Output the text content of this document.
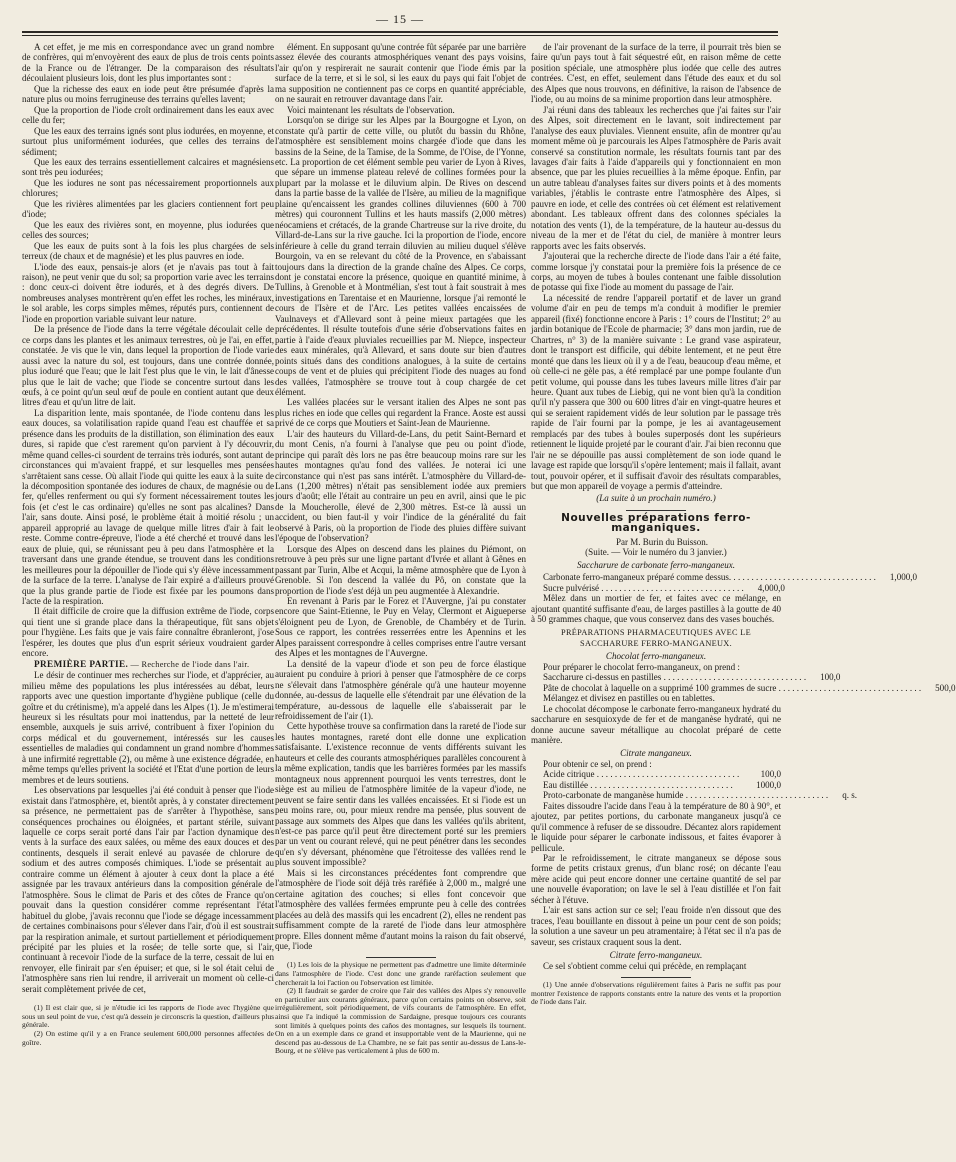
— 15 —

A cet effet, je me mis en correspondance avec un grand nombre de confrères, qui m'envoyèrent des eaux de plus de trois cents points de la France ou de l'étranger. De la comparaison des résultats découlaient plusieurs lois, dont les plus importantes sont :

Que la richesse des eaux en iode peut être présumée d'après la nature plus ou moins ferrugineuse des terrains qu'elles lavent;

Que la proportion de l'iode croît ordinairement dans les eaux avec celle du fer;

Que les eaux des terrains ignés sont plus iodurées, en moyenne, et surtout plus uniformément iodurées, que celles des terrains de sédiment;

Que les eaux des terrains essentiellement calcaires et magnésiens sont très peu iodurées;

Que les iodures ne sont pas nécessairement proportionnels aux chlorures;

Que les rivières alimentées par les glaciers contiennent fort peu d'iode;

Que les eaux des rivières sont, en moyenne, plus iodurées que celles des sources;

Que les eaux de puits sont à la fois les plus chargées de sels terreux (de chaux et de magnésie) et les plus pauvres en iode.

L'iode des eaux, pensais-je alors (et je n'avais pas tout à fait raison), ne peut venir que du sol; sa proportion varie avec les terrains : donc ceux-ci doivent être iodurés, et à des degrés divers. De nombreuses analyses montrèrent qu'en effet les roches, les minéraux, le sol arable, les corps simples mêmes, réputés purs, contiennent de l'iode en proportion variable suivant leur nature.

De la présence de l'iode dans la terre végétale découlait celle de ce corps dans les plantes et les animaux terrestres, où je l'ai, en effet, constatée. Je vis que le vin, dans lequel la proportion de l'iode varie aussi avec la nature du sol, est toujours, dans une contrée donnée, plus ioduré que l'eau; que le lait l'est plus que le vin, le lait d'ânesse plus que le lait de vache; que l'iode se concentre surtout dans les œufs, à ce point qu'un seul œuf de poule en contient autant que deux litres d'eau et qu'un litre de lait.

La disparition lente, mais spontanée, de l'iode contenu dans les eaux douces, sa volatilisation rapide quand l'eau est chauffée et sa présence dans les produits de la distillation, son élimination des eaux dures, si rapide que c'est rarement qu'on parvient à l'y découvrir, même quand celles-ci sourdent de terrains très iodurés, sont autant de circonstances qui m'avaient frappé, et sur lesquelles mes pensées s'arrêtaient sans cesse. Où allait l'iode qui quitte les eaux à la suite de la décomposition spontanée des iodures de chaux, de magnésie ou de fer, qu'elles renferment ou qui s'y forment nécessairement toutes les fois (et c'est le cas ordinaire) qu'elles ne sont pas alcalines? Dans l'air, sans doute. Ainsi posé, le problème était à moitié résolu ; un appareil approprié au lavage de quelque mille litres d'air à fait le reste. Comme contre-épreuve, l'iode a été cherché et trouvé dans les eaux de pluie, qui, se réunissant peu à peu dans l'atmosphère et la traversant dans une grande étendue, se trouvent dans les conditions les meilleures pour la dépouiller de l'iode qui s'y élève incessamment de la surface de la terre. L'analyse de l'air expiré a d'ailleurs prouvé que la plus grande partie de l'iode est fixée par les poumons dans l'acte de la respiration.

Il était difficile de croire que la diffusion extrême de l'iode, corps qui tient une si grande place dans la thérapeutique, fût sans objet pour l'hygiène. Les faits que je vais faire connaître ébranleront, j'ose l'espérer, les doutes que plus d'un esprit sérieux voudraient garder encore.

PREMIÈRE PARTIE. — Recherche de l'iode dans l'air.

Le désir de continuer mes recherches sur l'iode, et d'apprécier, au milieu même des populations les plus intéressées au débat, leurs rapports avec une question importante d'hygiène publique (celle du goître et du crétinisme), m'a appelé dans les Alpes (1). Je m'estimerai heureux si les résultats pour moi inattendus, par la netteté de leur ensemble, auxquels je suis arrivé, contribuent à fixer l'opinion du corps médical et du gouvernement, intéressés sur les causes essentielles de maladies qui condamnent un grand nombre d'hommes à une infirmité regrettable (2), ou même à une existence dégradée, en même temps qu'elles privent la société et l'Etat d'une portion de leurs membres et de leurs soutiens.

Les observations par lesquelles j'ai été conduit à penser que l'iode existait dans l'atmosphère, et, bientôt après, à y constater directement sa présence, ne permettaient pas de s'arrêter à l'hypothèse, sans conséquences prochaines ou éloignées, et partant stérile, suivant laquelle ce corps serait porté dans l'air par l'action dynamique des vents à la surface des eaux salées, ou même des eaux douces et des continents, desquels il serait enlevé au pavasée de chlorure de sodium et des autres composés chimiques. L'iode se présentait au contraire comme un élément à ajouter à ceux dont la place a été assignée par les travaux antérieurs dans la composition générale de l'atmosphère. Sous le climat de Paris et des côtes de France qu'on pouvait dans la question considérer comme représentant l'état habituel du globe, j'avais reconnu que l'iode se dégage incessamment de certaines combinaisons pour s'élever dans l'air, d'où il est soustrait par la respiration animale, et surtout partiellement et périodiquement précipité par les pluies et la rosée; de telle sorte que, si l'air, continuant à recevoir l'iode de la surface de la terre, cessait de lui en renvoyer, elle finirait par s'en épuiser; et que, si le sol était celui de l'atmosphère sans rien lui rendre, il arriverait un moment où celle-ci serait complètement privée de cet,

(1) Il est clair que, si je n'étudie ici les rapports de l'iode avec l'hygiène que sous un seul point de vue, c'est qu'à dessein je circonscris la question, d'ailleurs plus générale.

(2) On estime qu'il y a en France seulement 600,000 personnes affectées de goître.

élément. En supposant qu'une contrée fût séparée par une barrière assez élevée des courants atmosphériques venant des pays voisins, l'air qu'on y respirerait ne saurait contenir que l'iode émis par la surface de la terre, et si le sol, si les eaux du pays qui fait l'objet de ma supposition ne contiennent pas ce corps en quantité appréciable, on ne saurait en retrouver davantage dans l'air.

Voici maintenant les résultats de l'observation.

Lorsqu'on se dirige sur les Alpes par la Bourgogne et Lyon, on constate qu'à partir de cette ville, ou plutôt du bassin du Rhône, l'atmosphère est sensiblement moins chargée d'iode que dans les bassins de la Seine, de la Tamise, de la Somme, de l'Oise, de l'Yonne, etc. La proportion de cet élément semble peu varier de Lyon à Rives, que sépare un immense plateau relevé de collines formées pour la plupart par la molasse et le diluvium alpin. De Rives on descend dans la partie basse de la vallée de l'Isère, au milieu de la magnifique plaine qu'encaissent les grandes collines diluviennes (600 à 700 mètres) qui couronnent Tullins et les hauts massifs (2,000 mètres) néocamiens et crétacés, de la grande Chartreuse sur la rive droite, du Villard-de-Lans sur la rive gauche. Ici la proportion de l'iode, encore inférieure à celle du grand terrain diluvien au milieu duquel s'élève Bourgoin, va en se relevant du côté de la Provence, en s'abaissant toujours dans la direction de la grande chaîne des Alpes. Ce corps, dont je constatai encore la présence, quoique en quantité minime, à Tullins, à Grenoble et à Montmélian, s'est tout à fait soustrait à mes investigations en Tarentaise et en Maurienne, lorsque j'ai remonté le cours de l'Isère et de l'Arc. Les petites vallées encaissées de Vaulnaveys et d'Allevard sont à peine mieux partagées que les précédentes. Il résulte toutefois d'une série d'observations faites en partie à l'aide d'eaux pluviales recueillies par M. Niepce, inspecteur des eaux minérales, qu'à Allevard, et sans doute sur bien d'autres points situés dans des conditions analogues, à la suite de certains coups de vent et de pluies qui précipitent l'iode des nuages au fond des vallées, l'atmosphère se trouve tout à coup chargée de cet élément.

Les vallées placées sur le versant italien des Alpes ne sont pas plus riches en iode que celles qui regardent la France. Aoste est aussi privé de ce corps que Moutiers et Saint-Jean de Maurienne.

L'air des hauteurs du Villard-de-Lans, du petit Saint-Bernard et du mont Cenis, n'a fourni à l'analyse que peu ou point d'iode, principe qui paraît dès lors ne pas être beaucoup moins rare sur les hautes montagnes qu'au fond des vallées. Je noterai ici une circonstance qui n'est pas sans intérêt. L'atmosphère du Villard-de-Lans (1,200 mètres) n'était pas sensiblement iodée aux premiers jours d'août; elle l'était au contraire un peu en avril, ainsi que le pic de la Moucherolle, élevé de 2,300 mètres. Est-ce là aussi un accident, ou bien faut-il y voir l'indice de la généralité du fait observé à Paris, où la proportion de l'iode des pluies diffère suivant l'époque de l'observation?

Lorsque des Alpes on descend dans les plaines du Piémont, on retrouve à peu près sur une ligne partant d'Ivrée et allant à Gênes en passant par Turin, Albe et Acqui, la même atmosphère que de Lyon à Grenoble. Si l'on descend la vallée du Pô, on constate que la proportion de l'iode s'est déjà un peu augmentée à Alexandrie.

En revenant à Paris par le Forez et l'Auvergne, j'ai pu constater encore que Saint-Etienne, le Puy en Velay, Clermont et Aigueperse s'éloignent peu de Lyon, de Grenoble, de Chambéry et de Turin. Sous ce rapport, les contrées resserrées entre les Apennins et les Alpes paraissent correspondre à celles comprises entre l'autre versant des Alpes et les montagnes de l'Auvergne.

La densité de la vapeur d'iode et son peu de force élastique auraient pu conduire à priori à penser que l'atmosphère de ce corps ne s'élevait dans l'atmosphère générale qu'à une hauteur moyenne donnée, au-dessus de laquelle elle s'étendrait par une élévation de la température, au-dessous de laquelle elle s'abaisserait par le refroidissement de l'air (1).

Cette hypothèse trouve sa confirmation dans la rareté de l'iode sur les hautes montagnes, rareté dont elle donne une explication satisfaisante. L'existence reconnue de vents différents suivant les hauteurs et celle des courants atmosphériques parallèles concourent à la même explication, tandis que les barrières formées par les massifs montagneux nous apprennent pourquoi les vents terrestres, dont le siège est au milieu de l'atmosphère limitée de la vapeur d'iode, ne peuvent se faire sentir dans les vallées encaissées. Et si l'iode est un peu moins rare, ou, pour mieux rendre ma pensée, plus souvent de passage aux sommets des Alpes que dans les vallées qu'ils abritent, n'est-ce pas parce qu'il peut être directement porté sur les premiers par un vent ou courant relevé, qui ne peut pénétrer dans les secondes qu'en s'y déversant, phénomène que l'étroitesse des vallées rend le plus souvent impossible?

Mais si les circonstances précédentes font comprendre que l'atmosphère de l'iode soit déjà très raréfiée à 2,000 m., malgré une certaine agitation des couches; si elles font concevoir que l'atmosphère des vallées fermées emprunte peu à celle des contrées placées au delà des massifs qui les encadrent (2), elles ne rendent pas suffisamment compte de la rareté de l'iode dans leur atmosphère propre. Elles donnent même d'autant moins la raison du fait observé, que, l'iode

(1) Les lois de la physique ne permettent pas d'admettre une limite déterminée dans l'atmosphère de l'iode. C'est donc une grande raréfaction seulement que chercherait la loi l'action ou l'observation est limitée.

(2) Il faudrait se garder de croire que l'air des vallées des Alpes s'y renouvelle en particulier aux courants généraux, parce qu'on certains points on observe, soit irrégulièrement, soit périodiquement, de vifs courants de l'atmosphère. En effet, ainsi que l'a indiqué la commission de Sardaigne, presque toujours ces courants sont limités à quelques points des caños des montagnes, sur lesquels ils tournent. On en a un exemple dans ce grand et insupportable vent de la Maurienne, qui ne descend pas au-dessous de La Chambre, ne se fait pas sentir au-dessus de Lans-le-Bourg, et ne s'élève pas verticalement à plus de 600 m.

de l'air provenant de la surface de la terre, il pourrait très bien se faire qu'un pays tout à fait séquestré eût, en raison même de cette position spéciale, une atmosphère plus iodée que celle des autres contrées. C'est, en effet, seulement dans l'étude des eaux et du sol des Alpes que nous trouvons, en définitive, la raison de l'absence de l'iode, ou au moins de sa minime proportion dans leur atmosphère.

J'ai réuni dans des tableaux les recherches que j'ai faites sur l'air des Alpes, soit directement en le lavant, soit indirectement par l'analyse des eaux pluviales. Viennent ensuite, afin de montrer qu'au moment même où je parcourais les Alpes l'atmosphère de Paris avait conservé sa constitution normale, les résultats fournis tant par des lavages d'air faits à l'aide d'appareils qui y fonctionnaient en mon absence, que par les pluies recueillies à la même époque. Enfin, par un autre tableau d'analyses faites sur divers points et à des moments variables, j'établis le contraste entre l'atmosphère des Alpes, si pauvre en iode, et celle des contrées où cet élément est relativement abondant. Les tableaux offrent dans des colonnes spéciales la notation des vents (1), de la température, de la hauteur au-dessus du niveau de la mer et de l'état du ciel, de manière à montrer leurs rapports avec les faits observés.

J'ajouterai que la recherche directe de l'iode dans l'air a été faite, comme lorsque j'y constatai pour la première fois la présence de ce corps, au moyen de tubes à boules contenant une faible dissolution de potasse qui fixe l'iode au moment du passage de l'air.

La nécessité de rendre l'appareil portatif et de laver un grand volume d'air en peu de temps m'a conduit à modifier le premier appareil (fixé) fonctionne encore à Paris : 1° cours de l'Institut; 2° au jardin botanique de l'Ecole de pharmacie; 3° dans mon jardin, rue de Chartres, n° 3) de la manière suivante : Le grand vase aspirateur, dont le transport est difficile, qui débite lentement, et ne peut être monté que dans les lieux où il y a de l'eau, beaucoup d'eau même, et où celle-ci ne gèle pas, a été remplacé par une pompe foulante d'un petit volume, qui pousse dans les tubes laveurs mille litres d'air par heure. Quant aux tubes de Liebig, qui ne vont bien qu'à la condition qu'il n'y passera que 300 ou 600 litres d'air en vingt-quatre heures et qui se seraient rapidement vidés de leur solution par le passage très rapide de l'air fourni par la pompe, je les ai avantageusement remplacés par des tubes à boules superposés dont les supérieurs retiennent le liquide projeté par le courant d'air. J'ai bien reconnu que l'air ne se dépouille pas aussi complètement de son iode quand le lavage est rapide que lorsqu'il s'opère lentement; mais il fallait, avant tout, pouvoir opérer, et il suffisait d'avoir des résultats comparables, but que mon appareil de voyage a permis d'atteindre.

(La suite à un prochain numéro.)

Nouvelles préparations ferro-manganiques.

Par M. Burin du Buisson.

(Suite. — Voir le numéro du 3 janvier.)

Saccharure de carbonate ferro-manganeux.

Carbonate ferro-manganeux préparé comme dessus. . . .	1,000,0

Sucre pulvérisé . . .	4,000,0

Mêlez dans un mortier de fer, et faites avec ce mélange, en ajoutant quantité suffisante d'eau, de larges pastilles à la goutte de 40 à 50 grammes chaque, que vous conservez dans des vases bouchés.

PRÉPARATIONS PHARMACEUTIQUES AVEC LE SACCHARURE FERRO-MANGANEUX.

Chocolat ferro-manganeux.

Pour préparer le chocolat ferro-manganeux, on prend :

Saccharure ci-dessus en pastilles . . .	100,0

Pâte de chocolat à laquelle on a supprimé 100 grammes de sucre . . .	500,0

Mélangez et divisez en pastilles ou en tablettes.

Le chocolat décompose le carbonate ferro-manganeux hydraté du saccharure en sesquioxyde de fer et de manganèse hydraté, qui ne donne aucune saveur métallique au chocolat préparé de cette manière.

Citrate manganeux.

Pour obtenir ce sel, on prend :

Acide citrique . . .	100,0

Eau distillée . . .	1000,0

Proto-carbonate de manganèse humide . . .	q. s.

Faites dissoudre l'acide dans l'eau à la température de 80 à 90°, et ajoutez, par petites portions, du carbonate manganeux jusqu'à ce qu'il commence à refuser de se dissoudre. Décantez alors rapidement le liquide pour séparer le carbonate indissous, et faites évaporer à pellicule.

Par le refroidissement, le citrate manganeux se dépose sous forme de petits cristaux grenus, d'un blanc rosé; on décante l'eau mère acide qui peut encore donner une certaine quantité de sel par une nouvelle évaporation; on lave le sel à l'eau distillée et l'on fait sécher à l'étuve.

L'air est sans action sur ce sel; l'eau froide n'en dissout que des traces, l'eau bouillante en dissout à peine un pour cent de son poids; la solution a une saveur un peu atramentaire; à l'état sec il n'a pas de saveur, ses cristaux craquent sous la dent.

Citrate ferro-manganeux.

Ce sel s'obtient comme celui qui précède, en remplaçant

(1) Une année d'observations régulièrement faites à Paris ne suffit pas pour montrer l'existence de rapports constants entre la nature des vents et la proportion de l'iode dans l'air.
